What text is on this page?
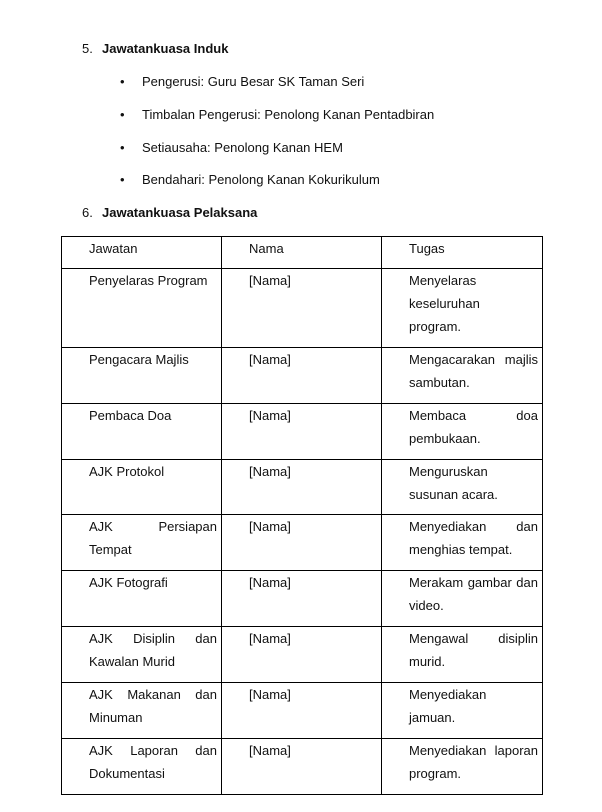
5. Jawatankuasa Induk
• Pengerusi: Guru Besar SK Taman Seri
• Timbalan Pengerusi: Penolong Kanan Pentadbiran
• Setiausaha: Penolong Kanan HEM
• Bendahari: Penolong Kanan Kokurikulum
6. Jawatankuasa Pelaksana
Jawatan	Nama	Tugas

Penyelaras Program	[Nama]	Menyelaras keseluruhan program.

Pengacara Majlis	[Nama]	Mengacarakan majlis sambutan.

Pembaca Doa	[Nama]	Membaca doa pembukaan.

AJK Protokol	[Nama]	Menguruskan susunan acara.

AJK Persiapan Tempat	[Nama]	Menyediakan dan menghias tempat.

AJK Fotografi	[Nama]	Merakam gambar dan video.

AJK Disiplin dan Kawalan Murid	[Nama]	Mengawal disiplin murid.

AJK Makanan dan Minuman	[Nama]	Menyediakan jamuan.

AJK Laporan dan Dokumentasi	[Nama]	Menyediakan laporan program.
